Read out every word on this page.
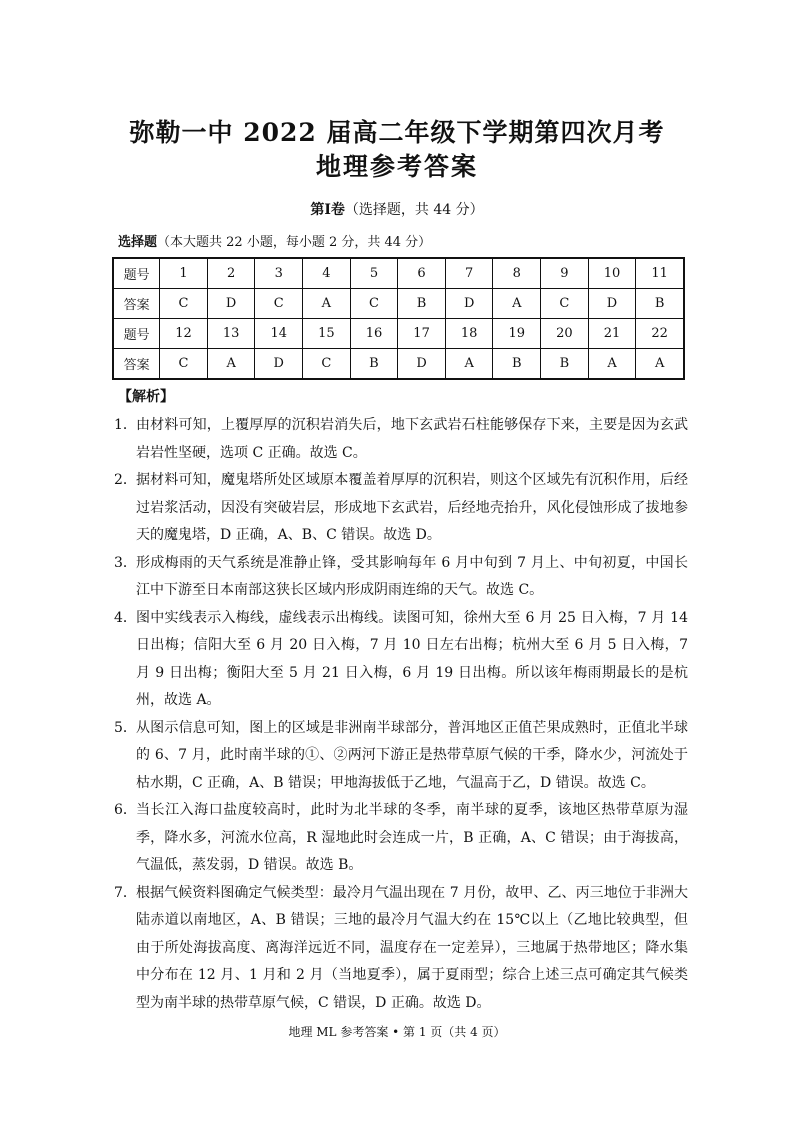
弥勒一中 2022 届高二年级下学期第四次月考
地理参考答案
第Ⅰ卷（选择题，共 44 分）
选择题（本大题共 22 小题，每小题 2 分，共 44 分）
题号	1	2	3	4	5	6	7	8	9	10	11
答案	C	D	C	A	C	B	D	A	C	D	B
题号	12	13	14	15	16	17	18	19	20	21	22
答案	C	A	D	C	B	D	A	B	B	A	A
【解析】
1． 由材料可知，上覆厚厚的沉积岩消失后，地下玄武岩石柱能够保存下来，主要是因为玄武岩岩性坚硬，选项 C 正确。故选 C。
2． 据材料可知，魔鬼塔所处区域原本覆盖着厚厚的沉积岩，则这个区域先有沉积作用，后经过岩浆活动，因没有突破岩层，形成地下玄武岩，后经地壳抬升，风化侵蚀形成了拔地参天的魔鬼塔，D 正确，A、B、C 错误。故选 D。
3． 形成梅雨的天气系统是准静止锋，受其影响每年 6 月中旬到 7 月上、中旬初夏，中国长江中下游至日本南部这狭长区域内形成阴雨连绵的天气。故选 C。
4． 图中实线表示入梅线，虚线表示出梅线。读图可知，徐州大至 6 月 25 日入梅，7 月 14 日出梅；信阳大至 6 月 20 日入梅，7 月 10 日左右出梅；杭州大至 6 月 5 日入梅，7 月 9 日出梅；衡阳大至 5 月 21 日入梅，6 月 19 日出梅。所以该年梅雨期最长的是杭州，故选 A。
5． 从图示信息可知，图上的区域是非洲南半球部分，普洱地区正值芒果成熟时，正值北半球的 6、7 月，此时南半球的①、②两河下游正是热带草原气候的干季，降水少，河流处于枯水期，C 正确，A、B 错误；甲地海拔低于乙地，气温高于乙，D 错误。故选 C。
6． 当长江入海口盐度较高时，此时为北半球的冬季，南半球的夏季，该地区热带草原为湿季，降水多，河流水位高，R 湿地此时会连成一片，B 正确，A、C 错误；由于海拔高，气温低，蒸发弱，D 错误。故选 B。
7． 根据气候资料图确定气候类型：最冷月气温出现在 7 月份，故甲、乙、丙三地位于非洲大陆赤道以南地区，A、B 错误；三地的最冷月气温大约在 15℃以上（乙地比较典型，但由于所处海拔高度、离海洋远近不同，温度存在一定差异），三地属于热带地区；降水集中分布在 12 月、1 月和 2 月（当地夏季），属于夏雨型；综合上述三点可确定其气候类型为南半球的热带草原气候，C 错误，D 正确。故选 D。
地理 ML 参考答案 • 第 1 页（共 4 页）
